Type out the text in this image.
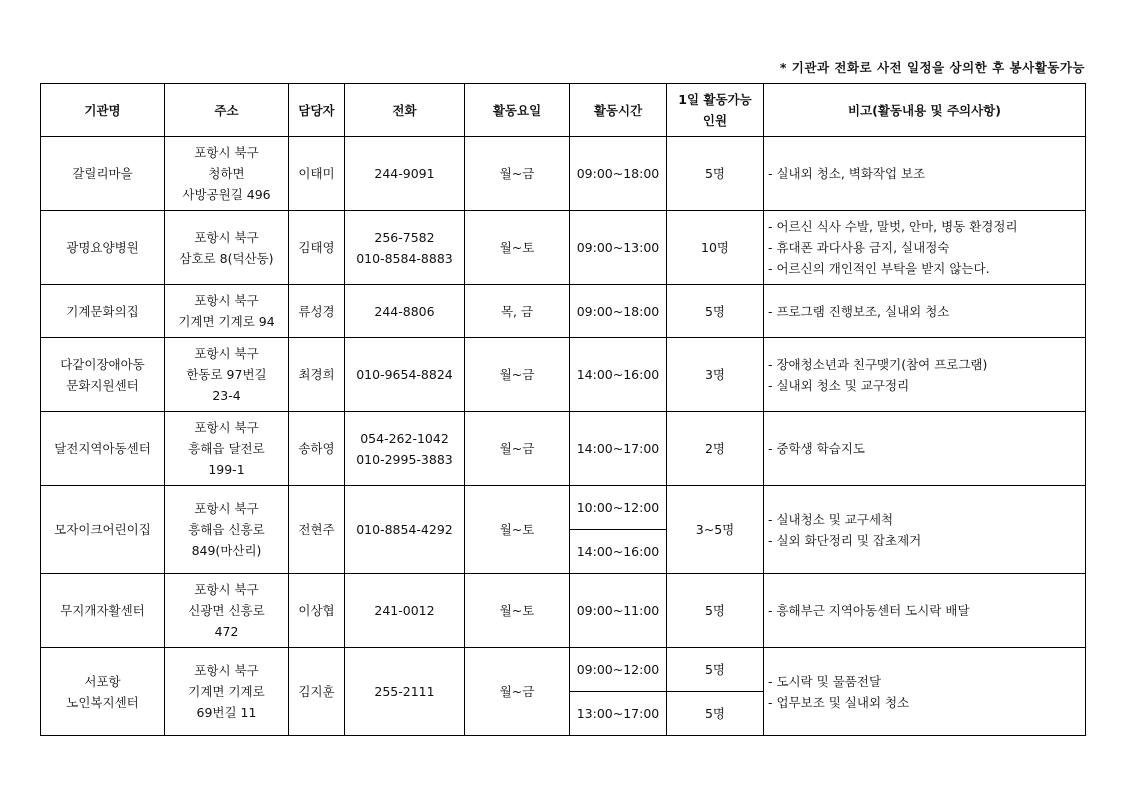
* 기관과 전화로 사전 일정을 상의한 후 봉사활동가능
기관명	주소	담당자	전화	활동요일	활동시간	1일 활동가능
인원	비고(활동내용 및 주의사항)

갈릴리마을	포항시 북구
청하면
사방공원길 496	이태미	244-9091	월~금	09:00~18:00	5명	- 실내외 청소, 벽화작업 보조

광명요양병원	포항시 북구
삼호로 8(덕산동)	김태영	256-7582
010-8584-8883	월~토	09:00~13:00	10명	- 어르신 식사 수발, 말벗, 안마, 병동 환경정리
- 휴대폰 과다사용 금지, 실내정숙
- 어르신의 개인적인 부탁을 받지 않는다.

기계문화의집	포항시 북구
기계면 기계로 94	류성경	244-8806	목, 금	09:00~18:00	5명	- 프로그램 진행보조, 실내외 청소

다같이장애아동
문화지원센터	포항시 북구
한동로 97번길
23-4	최경희	010-9654-8824	월~금	14:00~16:00	3명	- 장애청소년과 친구맺기(참여 프로그램)
- 실내외 청소 및 교구정리

달전지역아동센터	포항시 북구
흥해읍 달전로
199-1	송하영	054-262-1042
010-2995-3883	월~금	14:00~17:00	2명	- 중학생 학습지도

모자이크어린이집	포항시 북구
흥해읍 신흥로
849(마산리)	전현주	010-8854-4292	월~토	10:00~12:00	3~5명	- 실내청소 및 교구세척
- 실외 화단정리 및 잡초제거

					14:00~16:00		

무지개자활센터	포항시 북구
신광면 신흥로
472	이상협	241-0012	월~토	09:00~11:00	5명	- 흥해부근 지역아동센터 도시락 배달

서포항
노인복지센터	포항시 북구
기계면 기계로
69번길 11	김지훈	255-2111	월~금	09:00~12:00	5명	- 도시락 및 물품전달
- 업무보조 및 실내외 청소

					13:00~17:00	5명	
